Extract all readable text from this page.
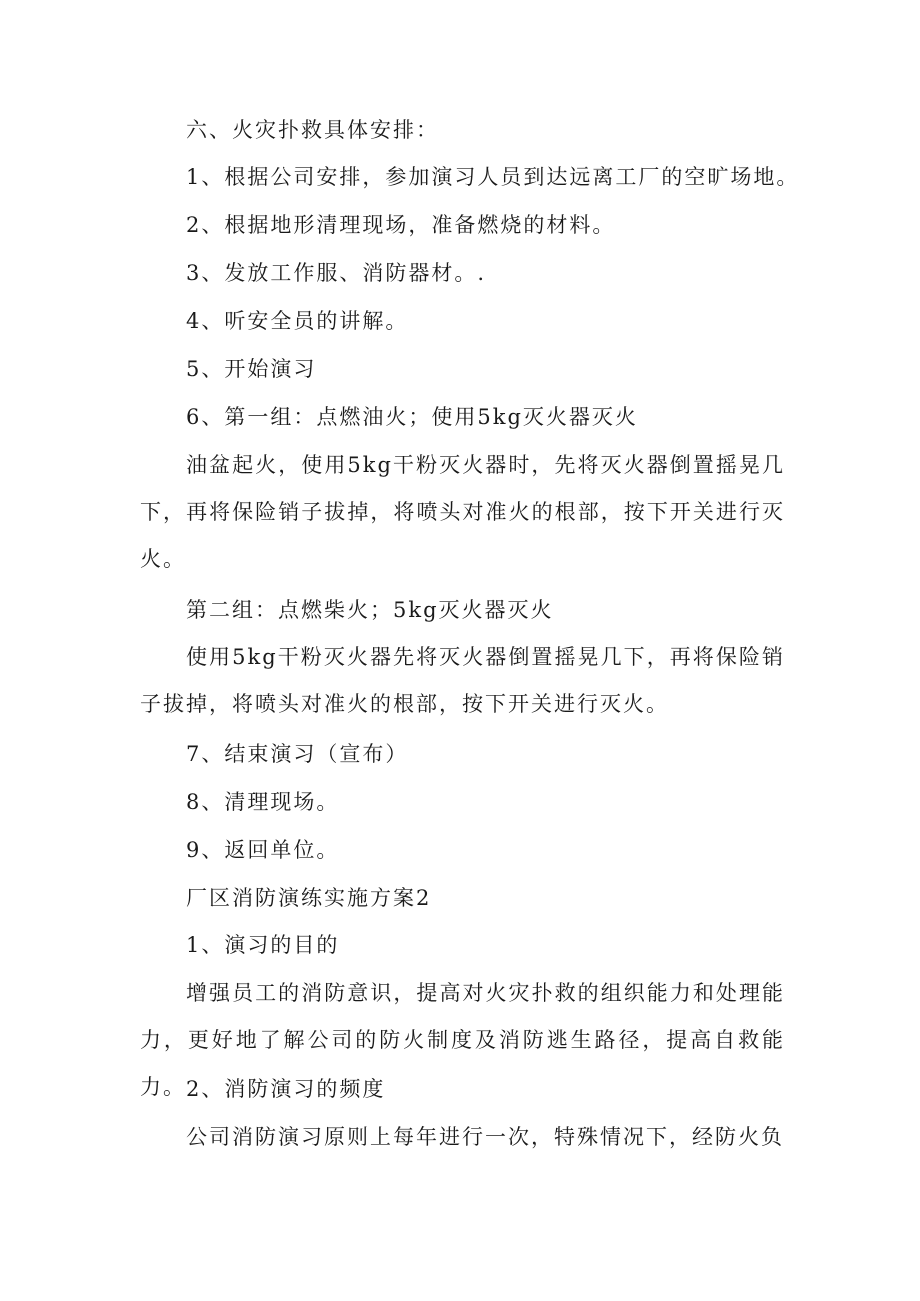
六、火灾扑救具体安排：

1、根据公司安排，参加演习人员到达远离工厂的空旷场地。

2、根据地形清理现场，准备燃烧的材料。

3、发放工作服、消防器材。.

4、听安全员的讲解。

5、开始演习

6、第一组：点燃油火；使用5kg灭火器灭火

油盆起火，使用5kg干粉灭火器时，先将灭火器倒置摇晃几下，再将保险销子拔掉，将喷头对准火的根部，按下开关进行灭火。

第二组：点燃柴火；5kg灭火器灭火

使用5kg干粉灭火器先将灭火器倒置摇晃几下，再将保险销子拔掉，将喷头对准火的根部，按下开关进行灭火。

7、结束演习（宣布）

8、清理现场。

9、返回单位。

厂区消防演练实施方案2

1、演习的目的

增强员工的消防意识，提高对火灾扑救的组织能力和处理能力，更好地了解公司的防火制度及消防逃生路径，提高自救能力。 2、消防演习的频度

公司消防演习原则上每年进行一次，特殊情况下，经防火负
